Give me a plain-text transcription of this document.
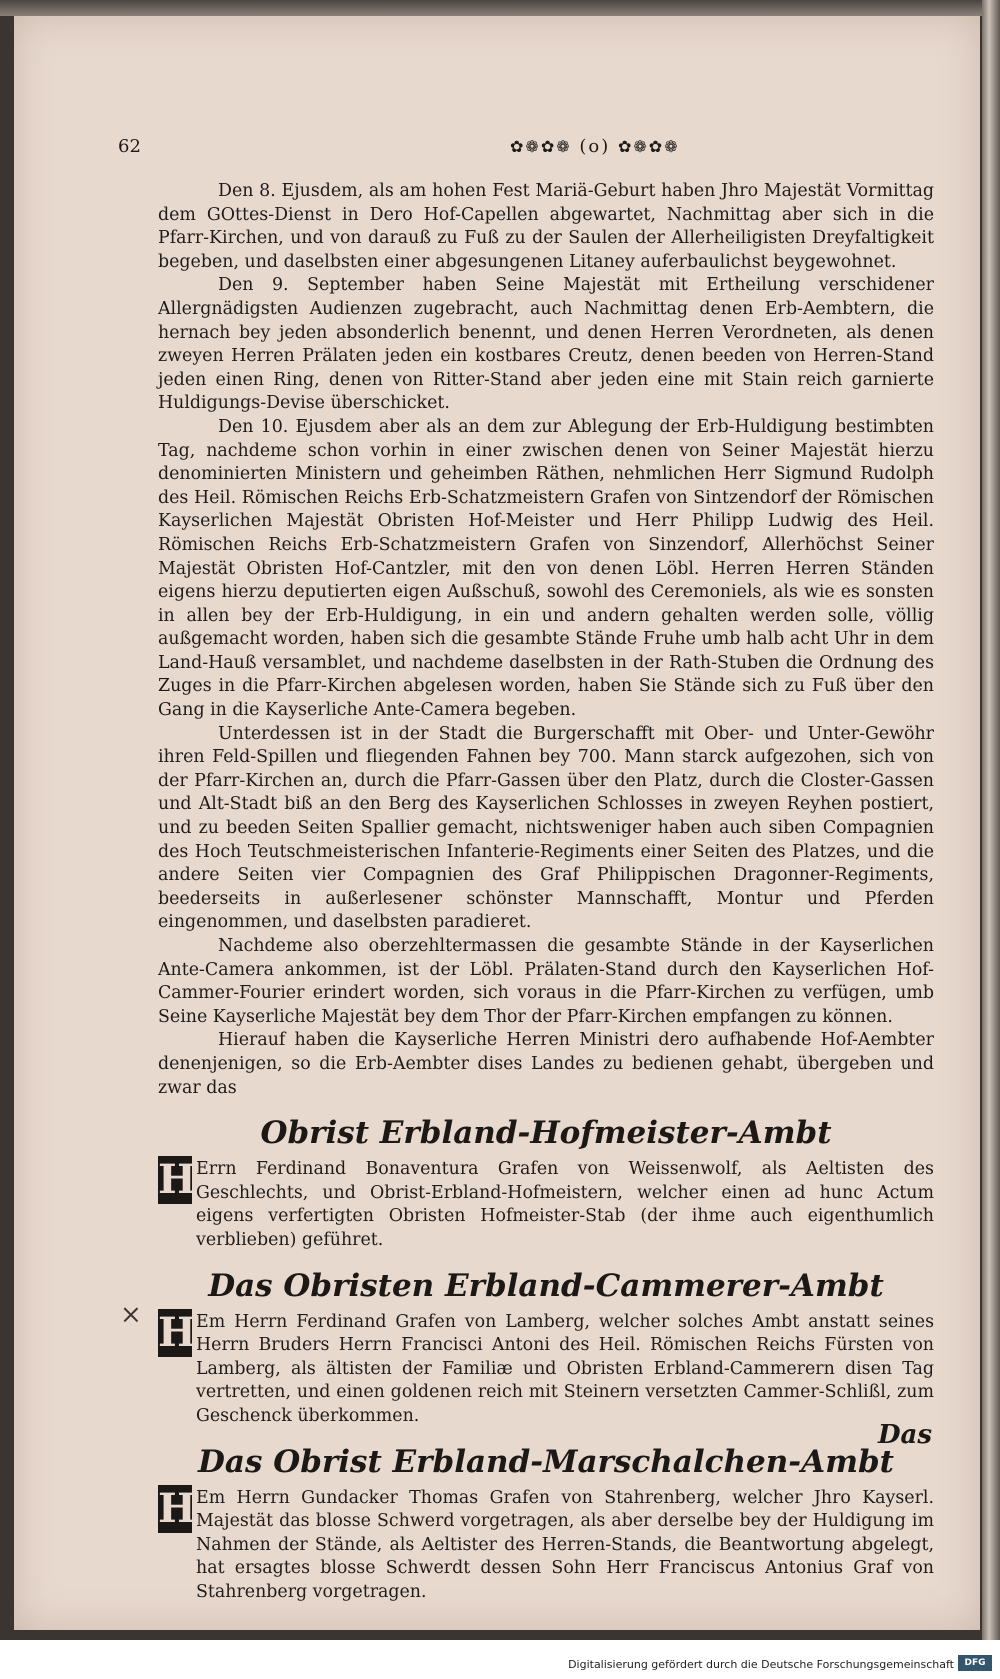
62	✿❁✿❁ (o) ✿❁✿❁

Den 8. Ejusdem, als am hohen Fest Mariä-Geburt haben Jhro Majestät Vormittag dem GOttes-Dienst in Dero Hof-Capellen abgewartet, Nachmittag aber sich in die Pfarr-Kirchen, und von darauß zu Fuß zu der Saulen der Allerheiligisten Dreyfaltigkeit begeben, und daselbsten einer abgesungenen Litaney auferbaulichst beygewohnet.

Den 9. September haben Seine Majestät mit Ertheilung verschidener Allergnädigsten Audienzen zugebracht, auch Nachmittag denen Erb-Aembtern, die hernach bey jeden absonderlich benennt, und denen Herren Verordneten, als denen zweyen Herren Prälaten jeden ein kostbares Creutz, denen beeden von Herren-Stand jeden einen Ring, denen von Ritter-Stand aber jeden eine mit Stain reich garnierte Huldigungs-Devise überschicket.

Den 10. Ejusdem aber als an dem zur Ablegung der Erb-Huldigung bestimbten Tag, nachdeme schon vorhin in einer zwischen denen von Seiner Majestät hierzu denominierten Ministern und geheimben Räthen, nehmlichen Herr Sigmund Rudolph des Heil. Römischen Reichs Erb-Schatzmeistern Grafen von Sintzendorf der Römischen Kayserlichen Majestät Obristen Hof-Meister und Herr Philipp Ludwig des Heil. Römischen Reichs Erb-Schatzmeistern Grafen von Sinzendorf, Allerhöchst Seiner Majestät Obristen Hof-Cantzler, mit den von denen Löbl. Herren Herren Ständen eigens hierzu deputierten eigen Außschuß, sowohl des Ceremoniels, als wie es sonsten in allen bey der Erb-Huldigung, in ein und andern gehalten werden solle, völlig außgemacht worden, haben sich die gesambte Stände Fruhe umb halb acht Uhr in dem Land-Hauß versamblet, und nachdeme daselbsten in der Rath-Stuben die Ordnung des Zuges in die Pfarr-Kirchen abgelesen worden, haben Sie Stände sich zu Fuß über den Gang in die Kayserliche Ante-Camera begeben.

Unterdessen ist in der Stadt die Burgerschafft mit Ober- und Unter-Gewöhr ihren Feld-Spillen und fliegenden Fahnen bey 700. Mann starck aufgezohen, sich von der Pfarr-Kirchen an, durch die Pfarr-Gassen über den Platz, durch die Closter-Gassen und Alt-Stadt biß an den Berg des Kayserlichen Schlosses in zweyen Reyhen postiert, und zu beeden Seiten Spallier gemacht, nichtsweniger haben auch siben Compagnien des Hoch Teutschmeisterischen Infanterie-Regiments einer Seiten des Platzes, und die andere Seiten vier Compagnien des Graf Philippischen Dragonner-Regiments, beederseits in außerlesener schönster Mannschafft, Montur und Pferden eingenommen, und daselbsten paradieret.

Nachdeme also oberzehltermassen die gesambte Stände in der Kayserlichen Ante-Camera ankommen, ist der Löbl. Prälaten-Stand durch den Kayserlichen Hof-Cammer-Fourier erindert worden, sich voraus in die Pfarr-Kirchen zu verfügen, umb Seine Kayserliche Majestät bey dem Thor der Pfarr-Kirchen empfangen zu können.

Hierauf haben die Kayserliche Herren Ministri dero aufhabende Hof-Aembter denenjenigen, so die Erb-Aembter dises Landes zu bedienen gehabt, übergeben und zwar das

Obrist Erbland-Hofmeister-Ambt

H Errn Ferdinand Bonaventura Grafen von Weissenwolf, als Aeltisten des Geschlechts, und Obrist-Erbland-Hofmeistern, welcher einen ad hunc Actum eigens verfertigten Obristen Hofmeister-Stab (der ihme auch eigenthumlich verblieben) geführet.

Das Obristen Erbland-Cammerer-Ambt

H Em Herrn Ferdinand Grafen von Lamberg, welcher solches Ambt anstatt seines Herrn Bruders Herrn Francisci Antoni des Heil. Römischen Reichs Fürsten von Lamberg, als ältisten der Familiæ und Obristen Erbland-Cammerern disen Tag vertretten, und einen goldenen reich mit Steinern versetzten Cammer-Schlißl, zum Geschenck überkommen.

Das Obrist Erbland-Marschalchen-Ambt

H Em Herrn Gundacker Thomas Grafen von Stahrenberg, welcher Jhro Kayserl. Majestät das blosse Schwerd vorgetragen, als aber derselbe bey der Huldigung im Nahmen der Stände, als Aeltister des Herren-Stands, die Beantwortung abgelegt, hat ersagtes blosse Schwerdt dessen Sohn Herr Franciscus Antonius Graf von Stahrenberg vorgetragen.

×
Das
Digitalisierung gefördert durch die Deutsche Forschungsgemeinschaft	DFG
